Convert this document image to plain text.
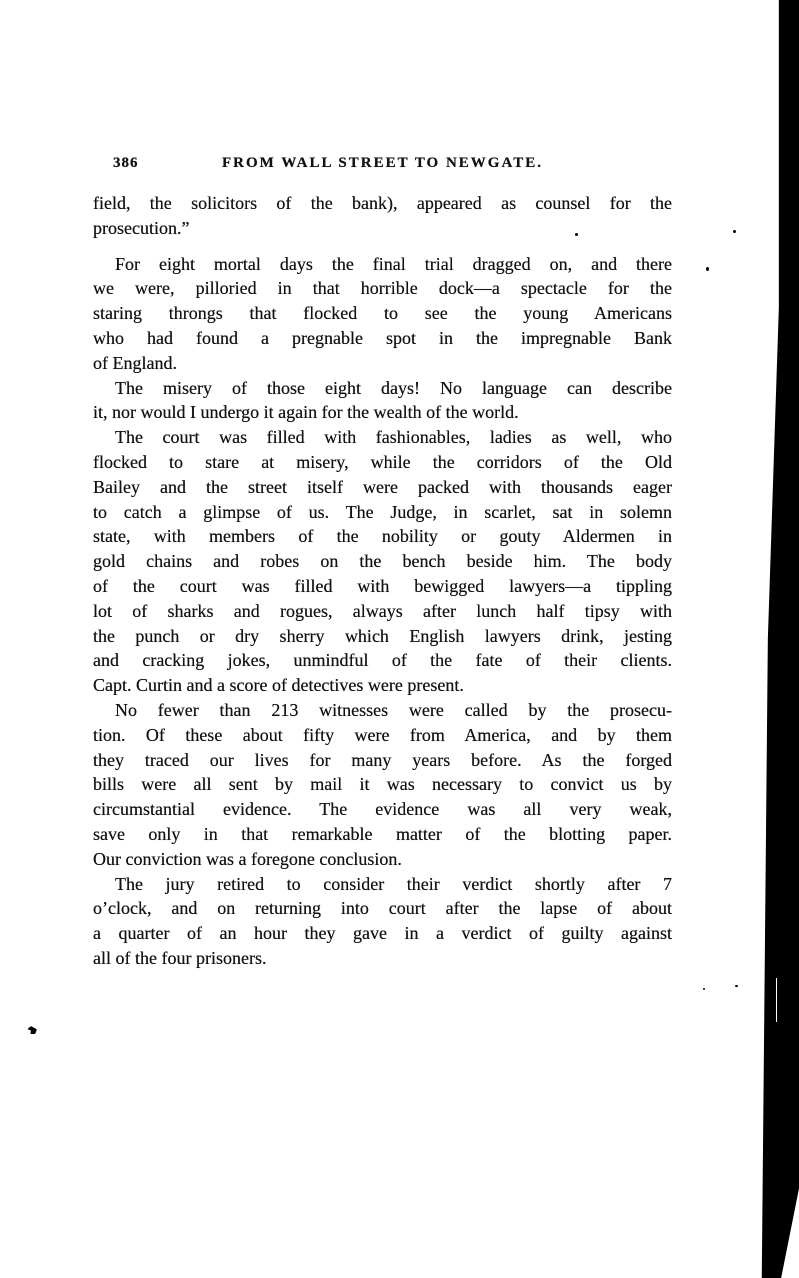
386	FROM WALL STREET TO NEWGATE.
field, the solicitors of the bank), appeared as counsel for the
prosecution.”
For eight mortal days the final trial dragged on, and there
we were, pilloried in that horrible dock—a spectacle for the
staring throngs that flocked to see the young Americans
who had found a pregnable spot in the impregnable Bank
of England.
The misery of those eight days! No language can describe
it, nor would I undergo it again for the wealth of the world.
The court was filled with fashionables, ladies as well, who
flocked to stare at misery, while the corridors of the Old
Bailey and the street itself were packed with thousands eager
to catch a glimpse of us. The Judge, in scarlet, sat in solemn
state, with members of the nobility or gouty Aldermen in
gold chains and robes on the bench beside him. The body
of the court was filled with bewigged lawyers—a tippling
lot of sharks and rogues, always after lunch half tipsy with
the punch or dry sherry which English lawyers drink, jesting
and cracking jokes, unmindful of the fate of their clients.
Capt. Curtin and a score of detectives were present.
No fewer than 213 witnesses were called by the prosecu-
tion. Of these about fifty were from America, and by them
they traced our lives for many years before. As the forged
bills were all sent by mail it was necessary to convict us by
circumstantial evidence. The evidence was all very weak,
save only in that remarkable matter of the blotting paper.
Our conviction was a foregone conclusion.
The jury retired to consider their verdict shortly after 7
o’clock, and on returning into court after the lapse of about
a quarter of an hour they gave in a verdict of guilty against
all of the four prisoners.
